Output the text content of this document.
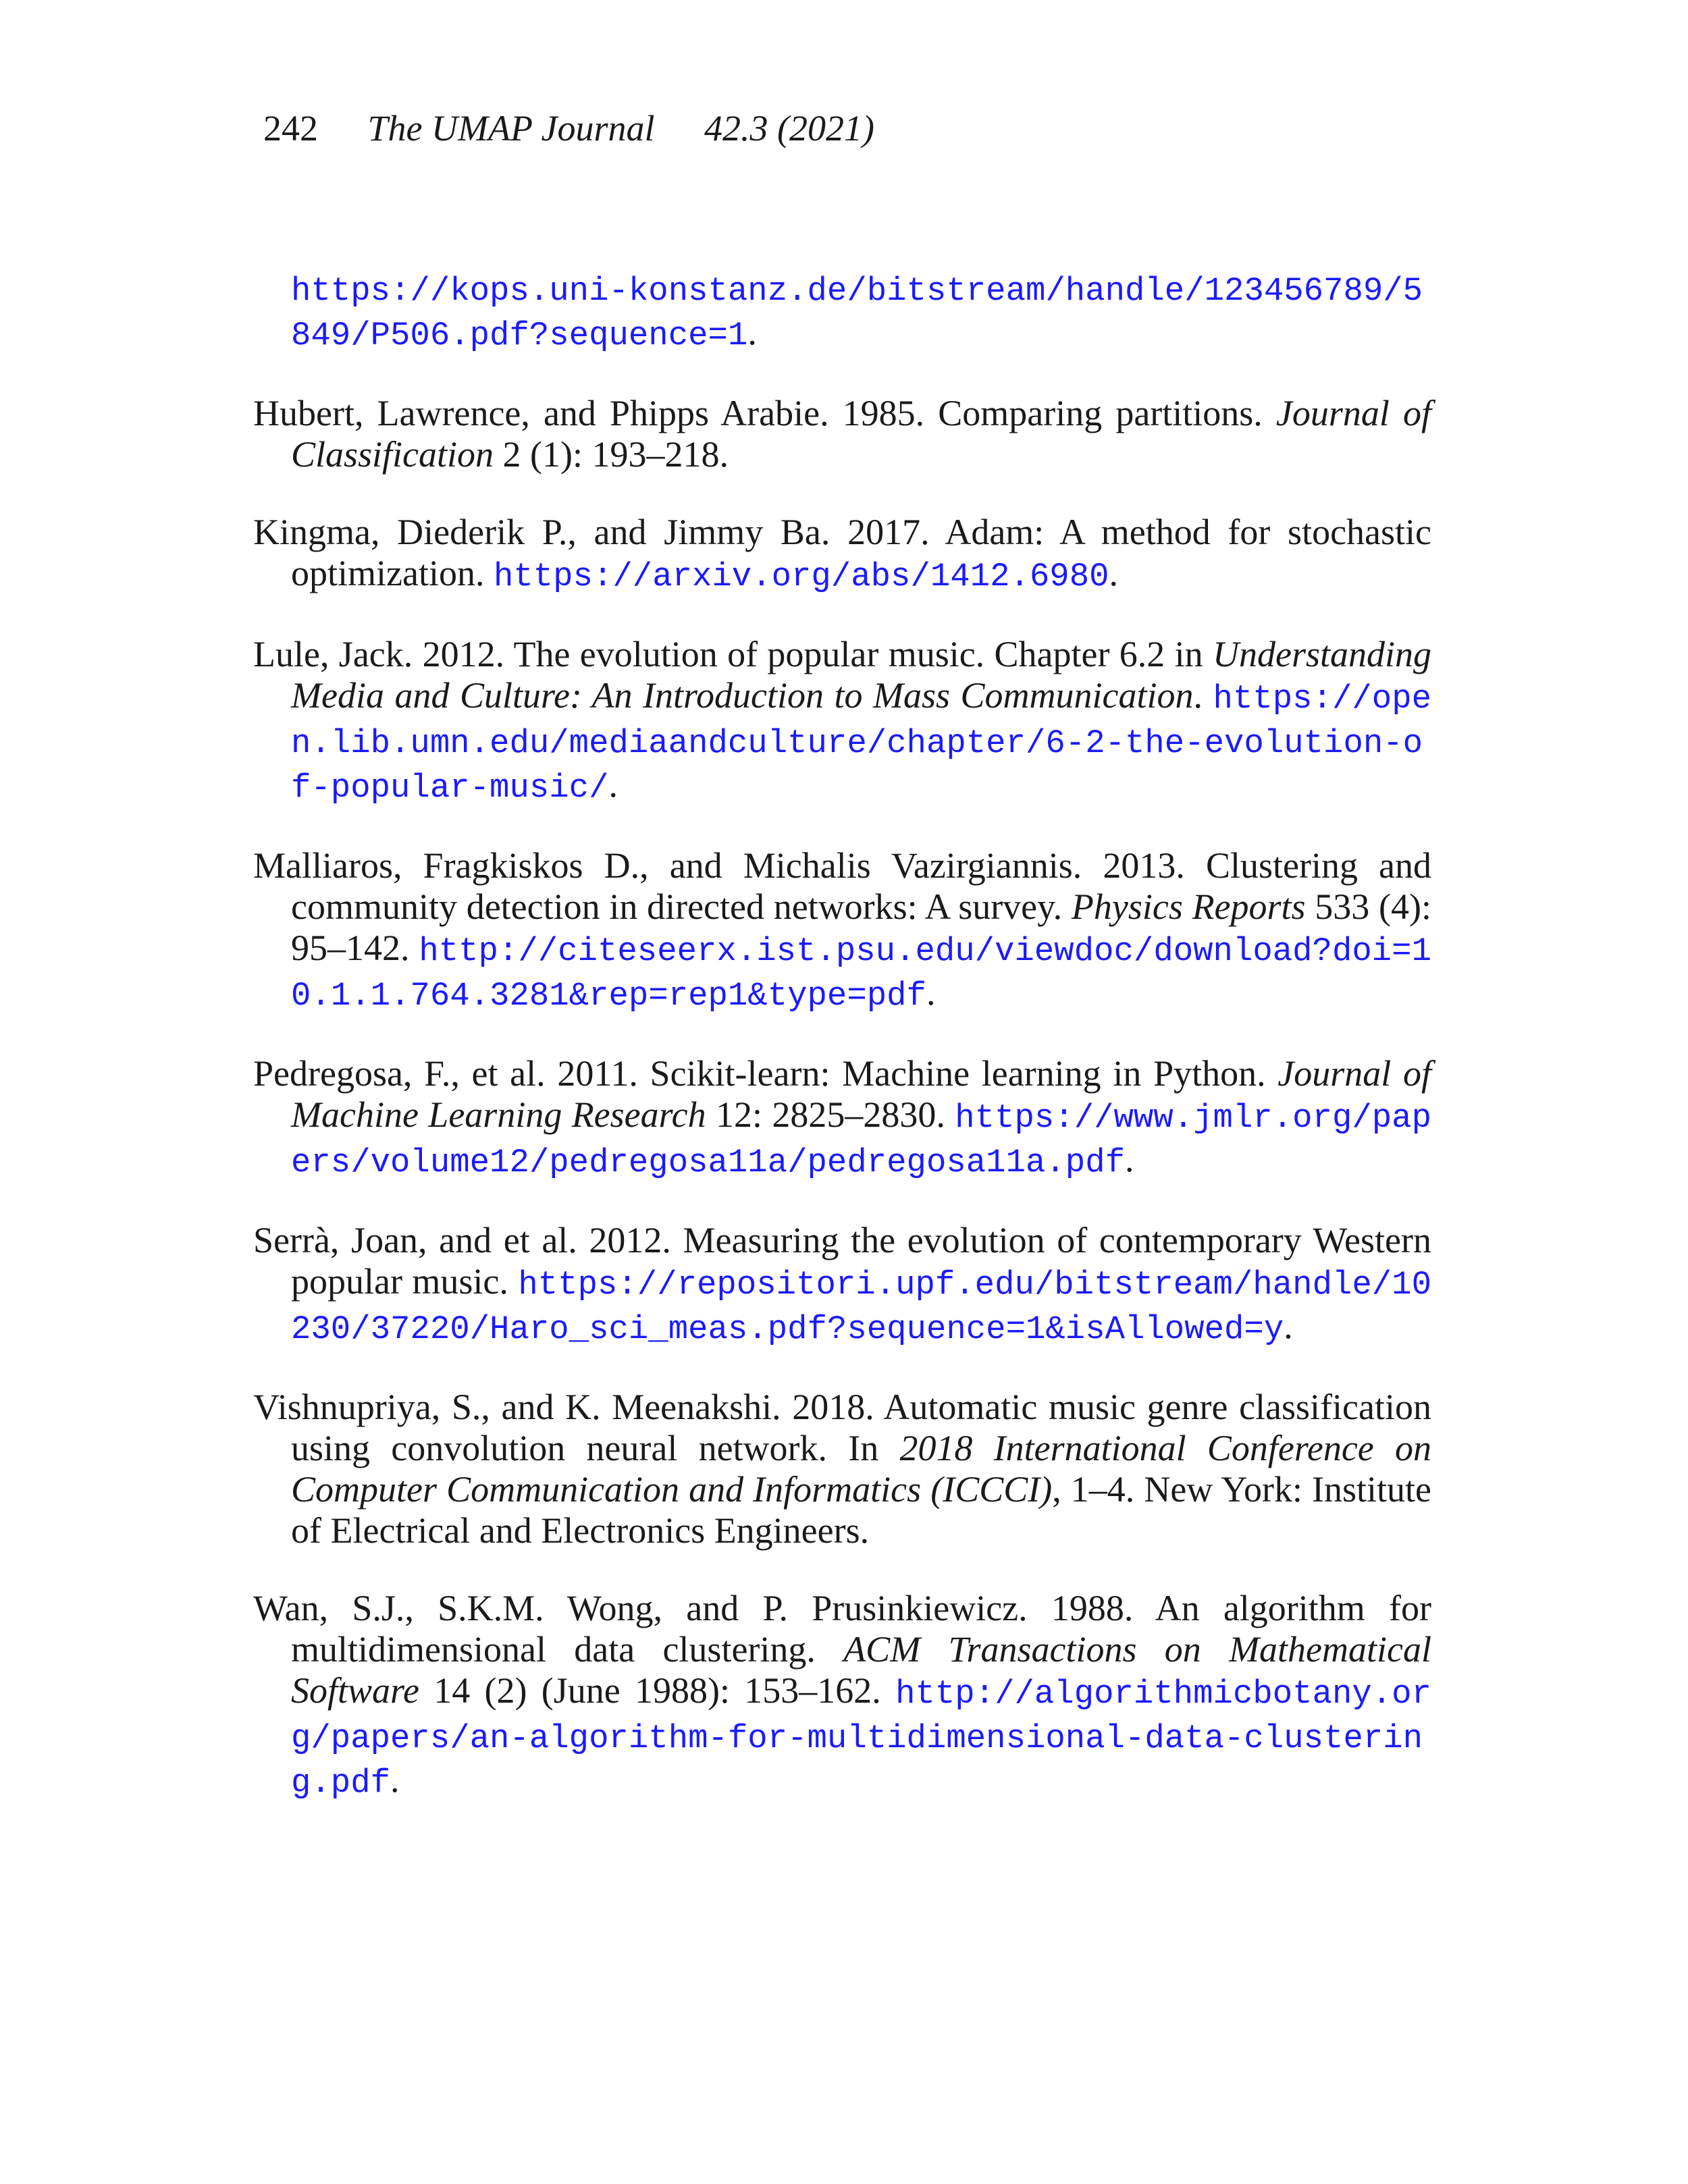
242 The UMAP Journal 42.3 (2021)

https://kops.uni-konstanz.de/bitstream/handle/123456789/5849/P506.pdf?sequence=1.

Hubert, Lawrence, and Phipps Arabie. 1985. Comparing partitions. Journal of Classification 2 (1): 193–218.

Kingma, Diederik P., and Jimmy Ba. 2017. Adam: A method for stochastic optimization. https://arxiv.org/abs/1412.6980.

Lule, Jack. 2012. The evolution of popular music. Chapter 6.2 in Understanding Media and Culture: An Introduction to Mass Communication. https://open.lib.umn.edu/mediaandculture/chapter/6-2-the-evolution-of-popular-music/.

Malliaros, Fragkiskos D., and Michalis Vazirgiannis. 2013. Clustering and community detection in directed networks: A survey. Physics Reports 533 (4): 95–142. http://citeseerx.ist.psu.edu/viewdoc/download?doi=10.1.1.764.3281&rep=rep1&type=pdf.

Pedregosa, F., et al. 2011. Scikit-learn: Machine learning in Python. Journal of Machine Learning Research 12: 2825–2830. https://www.jmlr.org/papers/volume12/pedregosa11a/pedregosa11a.pdf.

Serrà, Joan, and et al. 2012. Measuring the evolution of contemporary Western popular music. https://repositori.upf.edu/bitstream/handle/10230/37220/Haro_sci_meas.pdf?sequence=1&isAllowed=y.

Vishnupriya, S., and K. Meenakshi. 2018. Automatic music genre classification using convolution neural network. In 2018 International Conference on Computer Communication and Informatics (ICCCI), 1–4. New York: Institute of Electrical and Electronics Engineers.

Wan, S.J., S.K.M. Wong, and P. Prusinkiewicz. 1988. An algorithm for multidimensional data clustering. ACM Transactions on Mathematical Software 14 (2) (June 1988): 153–162. http://algorithmicbotany.org/papers/an-algorithm-for-multidimensional-data-clustering.pdf.
